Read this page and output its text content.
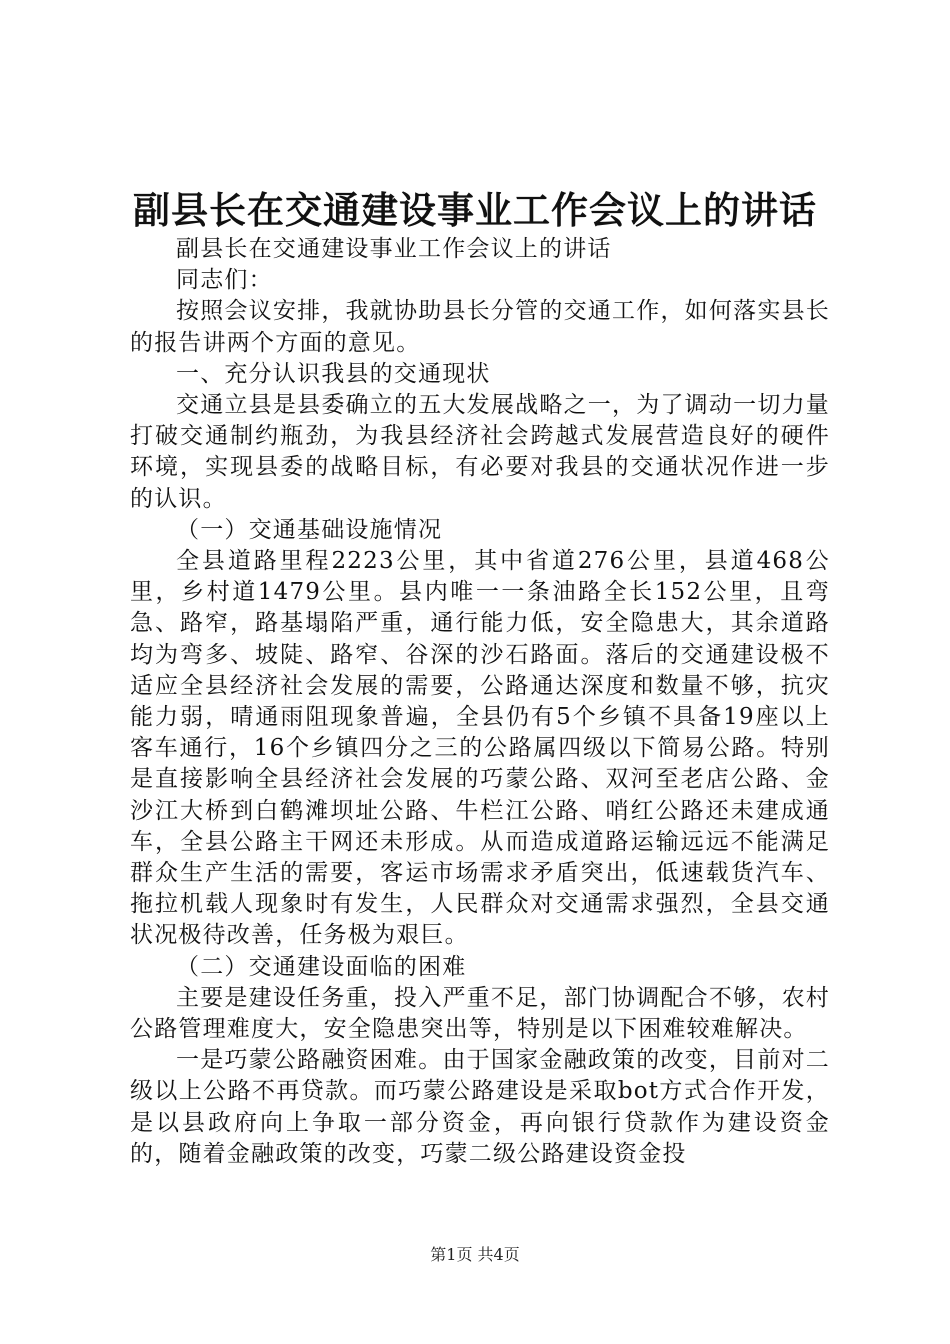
副县长在交通建设事业工作会议上的讲话

副县长在交通建设事业工作会议上的讲话

同志们：

按照会议安排，我就协助县长分管的交通工作，如何落实县长的报告讲两个方面的意见。

一、充分认识我县的交通现状

交通立县是县委确立的五大发展战略之一，为了调动一切力量打破交通制约瓶劲，为我县经济社会跨越式发展营造良好的硬件环境，实现县委的战略目标，有必要对我县的交通状况作进一步的认识。

（一）交通基础设施情况

全县道路里程2223公里，其中省道276公里，县道468公里，乡村道1479公里。县内唯一一条油路全长152公里，且弯急、路窄，路基塌陷严重，通行能力低，安全隐患大，其余道路均为弯多、坡陡、路窄、谷深的沙石路面。落后的交通建设极不适应全县经济社会发展的需要，公路通达深度和数量不够，抗灾能力弱，晴通雨阻现象普遍，全县仍有5个乡镇不具备19座以上客车通行，16个乡镇四分之三的公路属四级以下简易公路。特别是直接影响全县经济社会发展的巧蒙公路、双河至老店公路、金沙江大桥到白鹤滩坝址公路、牛栏江公路、哨红公路还未建成通车，全县公路主干网还未形成。从而造成道路运输远远不能满足群众生产生活的需要，客运市场需求矛盾突出，低速载货汽车、拖拉机载人现象时有发生，人民群众对交通需求强烈，全县交通状况极待改善，任务极为艰巨。

（二）交通建设面临的困难

主要是建设任务重，投入严重不足，部门协调配合不够，农村公路管理难度大，安全隐患突出等，特别是以下困难较难解决。

一是巧蒙公路融资困难。由于国家金融政策的改变，目前对二级以上公路不再贷款。而巧蒙公路建设是采取bot方式合作开发，是以县政府向上争取一部分资金，再向银行贷款作为建设资金的，随着金融政策的改变，巧蒙二级公路建设资金投

第1页 共4页
